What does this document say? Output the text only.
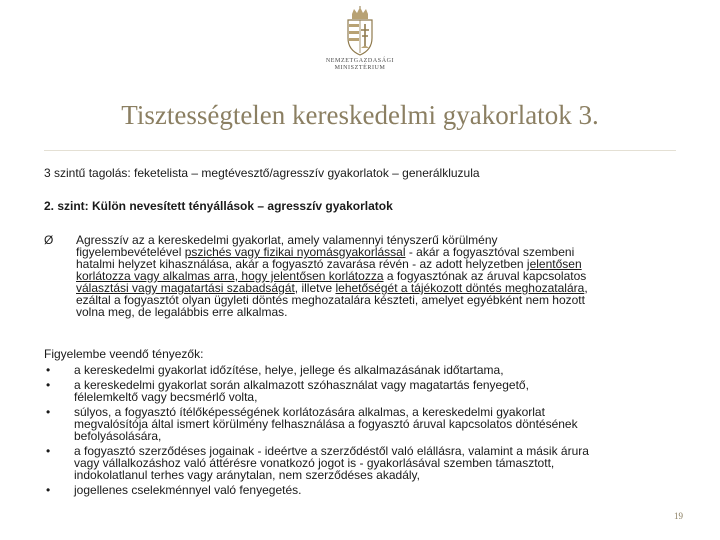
NEMZETGAZDASÁGI
MINISZTÉRIUM
Tisztességtelen kereskedelmi gyakorlatok 3.

3 szintű tagolás: feketelista – megtévesztő/agresszív gyakorlatok – generálkluzula

2. szint: Külön nevesített tényállások – agresszív gyakorlatok

Ø Agresszív az a kereskedelmi gyakorlat, amely valamennyi tényszerű körülmény
figyelembevételével pszichés vagy fizikai nyomásgyakorlással - akár a fogyasztóval szembeni
hatalmi helyzet kihasználása, akár a fogyasztó zavarása révén - az adott helyzetben jelentősen
korlátozza vagy alkalmas arra, hogy jelentősen korlátozza a fogyasztónak az áruval kapcsolatos
választási vagy magatartási szabadságát, illetve lehetőségét a tájékozott döntés meghozatalára,
ezáltal a fogyasztót olyan ügyleti döntés meghozatalára készteti, amelyet egyébként nem hozott
volna meg, de legalábbis erre alkalmas.

Figyelembe veendő tényezők:

• a kereskedelmi gyakorlat időzítése, helye, jellege és alkalmazásának időtartama,
• a kereskedelmi gyakorlat során alkalmazott szóhasználat vagy magatartás fenyegető,
félelemkeltő vagy becsmérlő volta,
• súlyos, a fogyasztó ítélőképességének korlátozására alkalmas, a kereskedelmi gyakorlat
megvalósítója által ismert körülmény felhasználása a fogyasztó áruval kapcsolatos döntésének
befolyásolására,
• a fogyasztó szerződéses jogainak - ideértve a szerződéstől való elállásra, valamint a másik árura
vagy vállalkozáshoz való áttérésre vonatkozó jogot is - gyakorlásával szemben támasztott,
indokolatlanul terhes vagy aránytalan, nem szerződéses akadály,
• jogellenes cselekménnyel való fenyegetés.
19
